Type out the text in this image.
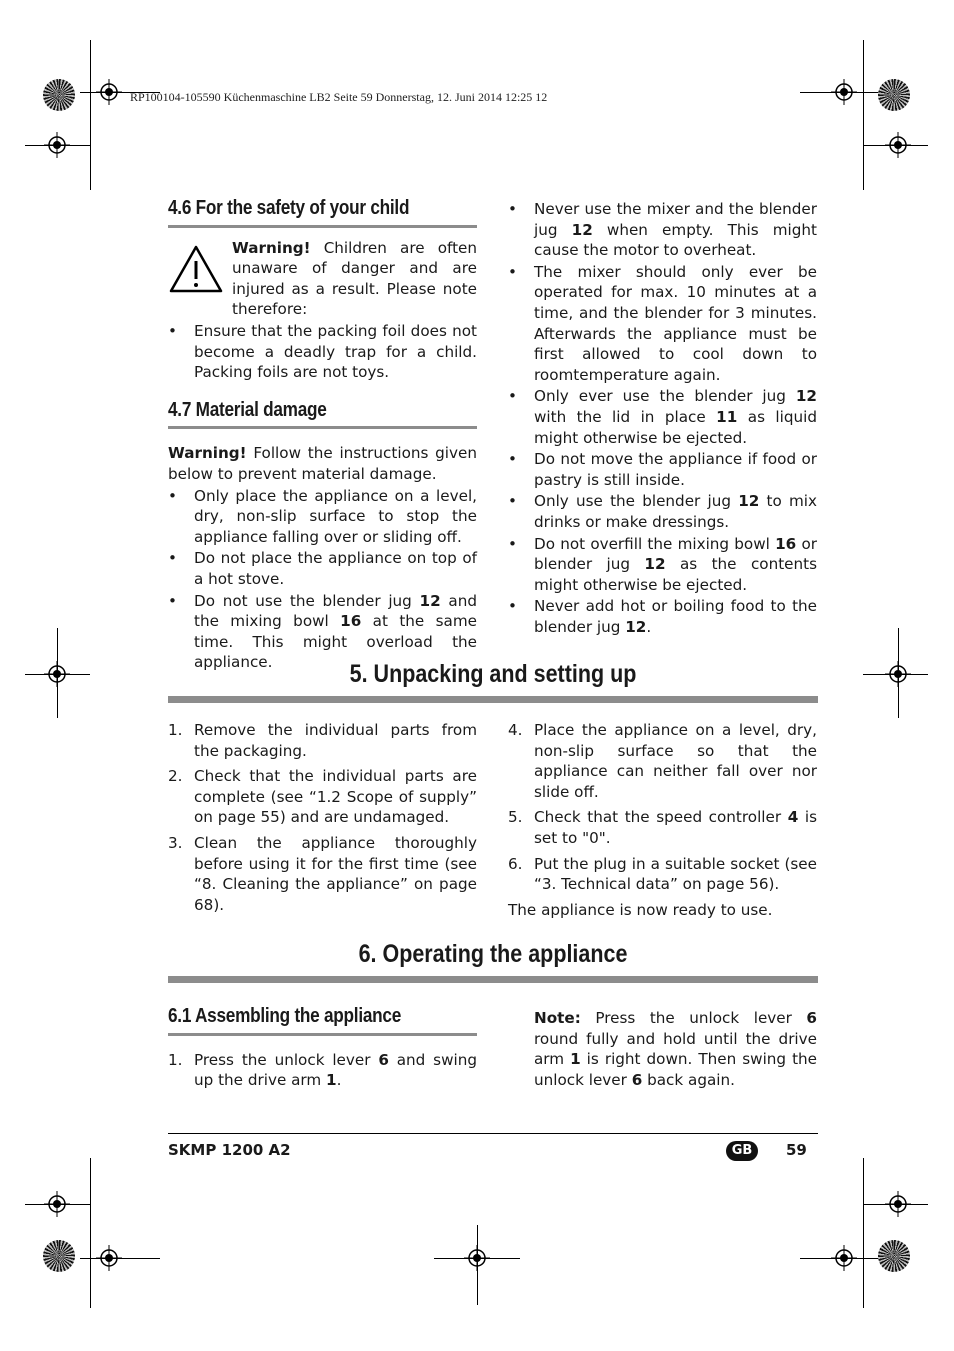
RP100104-105590 Küchenmaschine LB2 Seite 59 Donnerstag, 12. Juni 2014 12:25 12
4.6 For the safety of your child

Warning! Children are often unaware of danger and are injured as a result. Please note therefore:

• Ensure that the packing foil does not become a deadly trap for a child. Packing foils are not toys.
4.7 Material damage

Warning! Follow the instructions given below to prevent material damage.

• Only place the appliance on a level, dry, non-slip surface to stop the appliance falling over or sliding off.
• Do not place the appliance on top of a hot stove.
• Do not use the blender jug 12 and the mixing bowl 16 at the same time. This might overload the appliance.
• Never use the mixer and the blender jug 12 when empty. This might cause the motor to overheat.
• The mixer should only ever be operated for max. 10 minutes at a time, and the blender for 3 minutes. Afterwards the appliance must be first allowed to cool down to roomtemperature again.
• Only ever use the blender jug 12 with the lid in place 11 as liquid might otherwise be ejected.
• Do not move the appliance if food or pastry is still inside.
• Only use the blender jug 12 to mix drinks or make dressings.
• Do not overfill the mixing bowl 16 or blender jug 12 as the contents might otherwise be ejected.
• Never add hot or boiling food to the blender jug 12.
5. Unpacking and setting up
1. Remove the individual parts from the packaging.
2. Check that the individual parts are complete (see “1.2 Scope of supply” on page 55) and are undamaged.
3. Clean the appliance thoroughly before using it for the first time (see “8. Cleaning the appliance” on page 68).
4. Place the appliance on a level, dry, non-slip surface so that the appliance can neither fall over nor slide off.
5. Check that the speed controller 4 is set to "0".
6. Put the plug in a suitable socket (see “3. Technical data” on page 56).

The appliance is now ready to use.

6. Operating the appliance
6.1 Assembling the appliance
1. Press the unlock lever 6 and swing up the drive arm 1.

Note: Press the unlock lever 6 round fully and hold until the drive arm 1 is right down. Then swing the unlock lever 6 back again.

SKMP 1200 A2	GB	59
